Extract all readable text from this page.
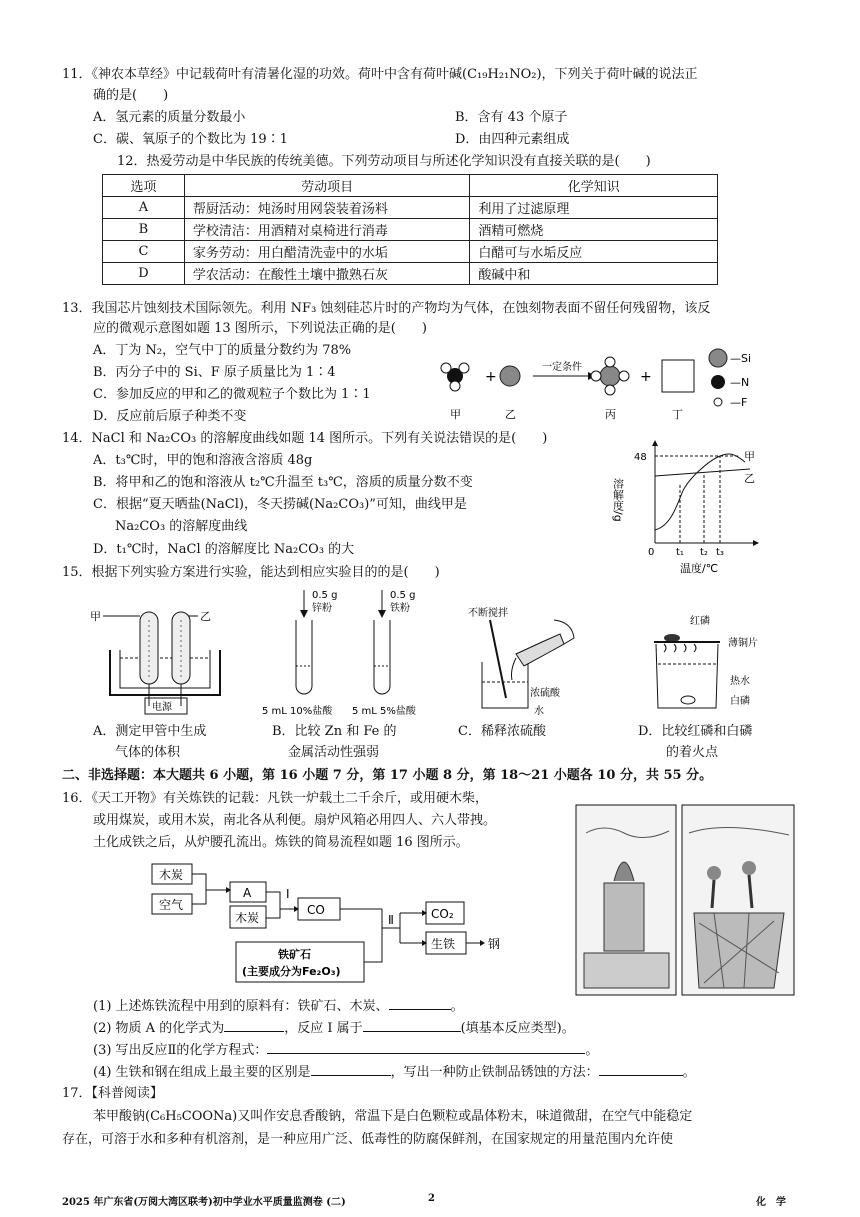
11．《神农本草经》中记载荷叶有清暑化湿的功效。荷叶中含有荷叶碱(C₁₉H₂₁NO₂)，下列关于荷叶碱的说法正
确的是(　　)
A．氢元素的质量分数最小	B．含有 43 个原子
C．碳、氧原子的个数比为 19∶1	D．由四种元素组成
12．热爱劳动是中华民族的传统美德。下列劳动项目与所述化学知识没有直接关联的是(　　)
选项	劳动项目	化学知识
A	帮厨活动：炖汤时用网袋装着汤料	利用了过滤原理
B	学校清洁：用酒精对桌椅进行消毒	酒精可燃烧
C	家务劳动：用白醋清洗壶中的水垢	白醋可与水垢反应
D	学农活动：在酸性土壤中撒熟石灰	酸碱中和
13．我国芯片蚀刻技术国际领先。利用 NF₃ 蚀刻硅芯片时的产物均为气体，在蚀刻物表面不留任何残留物，该反
应的微观示意图如题 13 图所示，下列说法正确的是(　　)
A．丁为 N₂，空气中丁的质量分数约为 78%
B．丙分子中的 Si、F 原子质量比为 1∶4
C．参加反应的甲和乙的微观粒子个数比为 1∶1
D．反应前后原子种类不变
+
一定条件
+
—Si
—N
—F
甲	乙	丙	丁
14．NaCl 和 Na₂CO₃ 的溶解度曲线如题 14 图所示。下列有关说法错误的是(　　)
A．t₃℃时，甲的饱和溶液含溶质 48g
B．将甲和乙的饱和溶液从 t₂℃升温至 t₃℃，溶质的质量分数不变
C．根据“夏天晒盐(NaCl)，冬天捞碱(Na₂CO₃)”可知，曲线甲是
Na₂CO₃ 的溶解度曲线
D．t₁℃时，NaCl 的溶解度比 Na₂CO₃ 的大
48
溶解度/g
0 t₁ t₂ t₃
甲
乙
温度/℃
15．根据下列实验方案进行实验，能达到相应实验目的的是(　　)
甲	乙
电源
0.5 g
锌粉
0.5 g
铁粉
5 mL 10%盐酸 5 mL 5%盐酸
不断搅拌
浓硫酸
水
红磷
薄铜片
热水
白磷
A．测定甲管中生成
气体的体积
B．比较 Zn 和 Fe 的
金属活动性强弱
C．稀释浓硫酸	D．比较红磷和白磷
的着火点
二、非选择题：本大题共 6 小题，第 16 小题 7 分，第 17 小题 8 分，第 18～21 小题各 10 分，共 55 分。
16．《天工开物》有关炼铁的记载：凡铁一炉载土二千余斤，或用硬木柴，
或用煤炭，或用木炭，南北各从利便。扇炉风箱必用四人、六人带拽。
土化成铁之后，从炉腰孔流出。炼铁的简易流程如题 16 图所示。
木炭
空气
A
木炭
I
CO
Ⅱ	CO₂
生铁	钢
铁矿石
(主要成分为Fe₂O₃)
(1) 上述炼铁流程中用到的原料有：铁矿石、木炭、	。
(2) 物质 A 的化学式为	，反应 I 属于	(填基本反应类型)。
(3) 写出反应Ⅱ的化学方程式：	。
(4) 生铁和钢在组成上最主要的区别是	，写出一种防止铁制品锈蚀的方法：	。
17．【科普阅读】
苯甲酸钠(C₆H₅COONa)又叫作安息香酸钠，常温下是白色颗粒或晶体粉末，味道微甜，在空气中能稳定
存在，可溶于水和多种有机溶剂，是一种应用广泛、低毒性的防腐保鲜剂，在国家规定的用量范围内允许使
2025 年广东省(万阅大湾区联考)初中学业水平质量监测卷 (二)	2	化　学
